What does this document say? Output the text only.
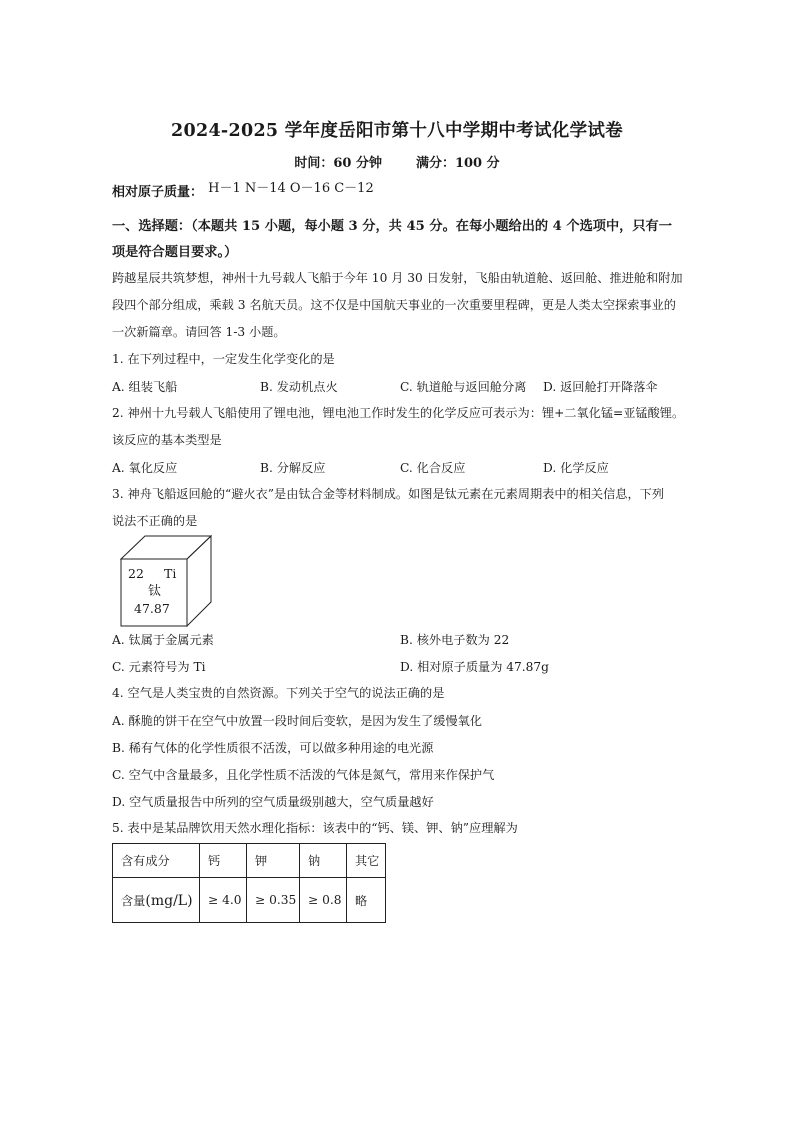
2024-2025 学年度岳阳市第十八中学期中考试化学试卷
时间：60 分钟	满分：100 分
相对原子质量： $^{H-1 N-14 O-16 C-12}$
一、选择题：（本题共 15 小题，每小题 3 分，共 45 分。在每小题给出的 4 个选项中，只有一
项是符合题目要求。）
跨越星辰共筑梦想，神州十九号载人飞船于今年 10 月 30 日发射，飞船由轨道舱、返回舱、推进舱和附加
段四个部分组成，乘载 3 名航天员。这不仅是中国航天事业的一次重要里程碑，更是人类太空探索事业的
一次新篇章。请回答 1-3 小题。
1. 在下列过程中，一定发生化学变化的是
A. 组装飞船	B. 发动机点火	C. 轨道舱与返回舱分离 D. 返回舱打开降落伞
2. 神州十九号载人飞船使用了锂电池，锂电池工作时发生的化学反应可表示为：锂+二氧化锰=亚锰酸锂。
该反应的基本类型是
A. 氧化反应	B. 分解反应	C. 化合反应	D. 化学反应
3. 神舟飞船返回舱的“避火衣”是由钛合金等材料制成。如图是钛元素在元素周期表中的相关信息，下列
说法不正确的是
22 Ti
钛
47.87
A. 钛属于金属元素	B. 核外电子数为 22
C. 元素符号为 Ti	D. 相对原子质量为 47.87g
4. 空气是人类宝贵的自然资源。下列关于空气的说法正确的是
A. 酥脆的饼干在空气中放置一段时间后变软，是因为发生了缓慢氧化
B. 稀有气体的化学性质很不活泼，可以做多种用途的电光源
C. 空气中含量最多，且化学性质不活泼的气体是氮气，常用来作保护气
D. 空气质量报告中所列的空气质量级别越大，空气质量越好
5. 表中是某品牌饮用天然水理化指标：该表中的“钙、镁、钾、钠”应理解为
含有成分	钙	钾	钠	其它
含量(mg/L)	≥ 4.0	≥ 0.35	≥ 0.8	略
